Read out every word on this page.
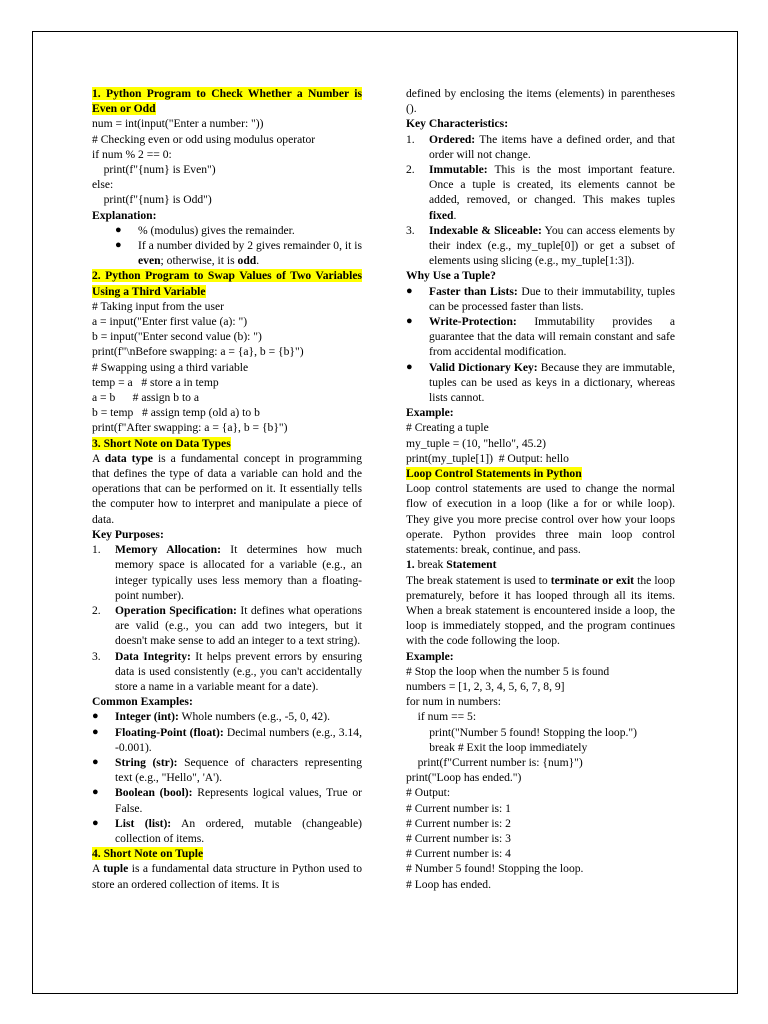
1. Python Program to Check Whether a Number is Even or Odd

num = int(input("Enter a number: "))

# Checking even or odd using modulus operator

if num % 2 == 0:

print(f"{num} is Even")

else:

print(f"{num} is Odd")

Explanation:

● % (modulus) gives the remainder.
● If a number divided by 2 gives remainder 0, it is even; otherwise, it is odd.

2. Python Program to Swap Values of Two Variables Using a Third Variable

# Taking input from the user

a = input("Enter first value (a): ")

b = input("Enter second value (b): ")

print(f"\nBefore swapping: a = {a}, b = {b}")

# Swapping using a third variable

temp = a   # store a in temp

a = b      # assign b to a

b = temp   # assign temp (old a) to b

print(f"After swapping: a = {a}, b = {b}")

3. Short Note on Data Types

A data type is a fundamental concept in programming that defines the type of data a variable can hold and the operations that can be performed on it. It essentially tells the computer how to interpret and manipulate a piece of data.

Key Purposes:

1. Memory Allocation: It determines how much memory space is allocated for a variable (e.g., an integer typically uses less memory than a floating-point number).
2. Operation Specification: It defines what operations are valid (e.g., you can add two integers, but it doesn't make sense to add an integer to a text string).
3. Data Integrity: It helps prevent errors by ensuring data is used consistently (e.g., you can't accidentally store a name in a variable meant for a date).

Common Examples:

● Integer (int): Whole numbers (e.g., -5, 0, 42).
● Floating-Point (float): Decimal numbers (e.g., 3.14, -0.001).
● String (str): Sequence of characters representing text (e.g., "Hello", 'A').
● Boolean (bool): Represents logical values, True or False.
● List (list): An ordered, mutable (changeable) collection of items.

4. Short Note on Tuple

A tuple is a fundamental data structure in Python used to store an ordered collection of items. It is

defined by enclosing the items (elements) in parentheses ().

Key Characteristics:

1. Ordered: The items have a defined order, and that order will not change.
2. Immutable: This is the most important feature. Once a tuple is created, its elements cannot be added, removed, or changed. This makes tuples fixed.
3. Indexable & Sliceable: You can access elements by their index (e.g., my_tuple[0]) or get a subset of elements using slicing (e.g., my_tuple[1:3]).

Why Use a Tuple?

● Faster than Lists: Due to their immutability, tuples can be processed faster than lists.
● Write-Protection: Immutability provides a guarantee that the data will remain constant and safe from accidental modification.
● Valid Dictionary Key: Because they are immutable, tuples can be used as keys in a dictionary, whereas lists cannot.

Example:

# Creating a tuple

my_tuple = (10, "hello", 45.2)

print(my_tuple[1])  # Output: hello

Loop Control Statements in Python

Loop control statements are used to change the normal flow of execution in a loop (like a for or while loop). They give you more precise control over how your loops operate. Python provides three main loop control statements: break, continue, and pass.

1. break Statement

The break statement is used to terminate or exit the loop prematurely, before it has looped through all its items. When a break statement is encountered inside a loop, the loop is immediately stopped, and the program continues with the code following the loop.

Example:

# Stop the loop when the number 5 is found

numbers = [1, 2, 3, 4, 5, 6, 7, 8, 9]

for num in numbers:

if num == 5:

print("Number 5 found! Stopping the loop.")

break # Exit the loop immediately

print(f"Current number is: {num}")

print("Loop has ended.")

# Output:

# Current number is: 1

# Current number is: 2

# Current number is: 3

# Current number is: 4

# Number 5 found! Stopping the loop.

# Loop has ended.
